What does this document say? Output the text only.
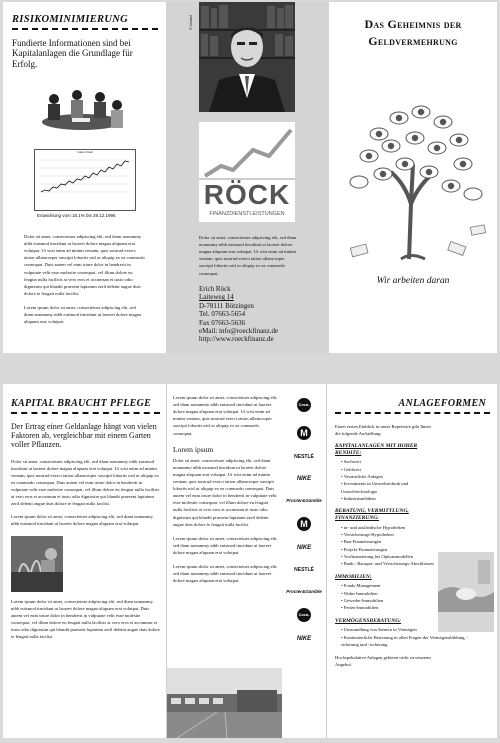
RISIKOMINIMIERUNG

Fundierte Informationen sind bei Kapitalanlagen die Grundlage für Erfolg.

Index Chart
Entwicklung vom 15.1% bis 28.12.1996

Dolor sit amet, consectetuer adipiscing elit, sed diam nonummy nibh euismod tincidunt ut laoreet dolore magna aliquam erat volutpat. Ut wisi enim ad minim veniam, quis nostrud exerci tation ullamcorper suscipit lobortis nisl ut aliquip ex ea commodo consequat. Duis autem vel eum iriure dolor in hendrerit in vulputate velit esse molestie consequat, vel illum dolore eu feugiat nulla facilisis at vero eros et accumsan et iusto odio dignissim qui blandit praesent luptatum zzril delenit augue duis dolore te feugait nulla facilisi.

Lorem ipsum dolor sit amet, consectetuer adipiscing elit, sed diam nonummy nibh euismod tincidunt ut laoreet dolore magna aliquam erat volutpat.

© ressel
RÖCK
FINANZDIENSTLEISTUNGEN

Dolor sit amet, consectetuer adipiscing elit, sed diam nonummy nibh euismod tincidunt ut laoreet dolore magna aliquam erat volutpat. Ut wisi enim ad minim veniam, quis nostrud exerci tation ullamcorper suscipit lobortis nisl ut aliquip ex ea commodo consequat.

Erich Röck
Laiteweg 14
D-78111 Bötzingen
Tel. 07663-5654
Fax 07663-5636
eMail: info@roeckfinanz.de
http://www.roeckfinanz.de
Das Geheimnis der
Geldvermehrung
Wir arbeiten daran
KAPITAL BRAUCHT PFLEGE

Der Ertrag einer Geldanlage hängt von vielen Faktoren ab, vergleichbar mit einem Garten voller Pflanzen.

Dolor sit amet, consectetuer adipiscing elit, sed diam nonummy nibh euismod tincidunt ut laoreet dolore magna aliquam erat volutpat. Ut wisi enim ad minim veniam, quis nostrud exerci tation ullamcorper suscipit lobortis nisl ut aliquip ex ea commodo consequat. Duis autem vel eum iriure dolor in hendrerit in vulputate velit esse molestie consequat, vel illum dolore eu feugiat nulla facilisis at vero eros et accumsan et iusto odio dignissim qui blandit praesent luptatum zzril delenit augue duis dolore te feugait nulla facilisi.

Lorem ipsum dolor sit amet, consectetuer adipiscing elit, sed diam nonummy nibh euismod tincidunt ut laoreet dolore magna aliquam erat volutpat.

Lorem ipsum dolor sit amet, consectetuer adipiscing elit, sed diam nonummy nibh euismod tincidunt ut laoreet dolore magna aliquam erat volutpat. Duis autem vel eum iriure dolor in hendrerit in vulputate velit esse molestie consequat, vel illum dolore eu feugiat nulla facilisis at vero eros et accumsan et iusto odio dignissim qui blandit praesent luptatum zzril delenit augue duis dolore te feugait nulla facilisi.

Lorem ipsum dolor sit amet, consectetuer adipiscing elit, sed diam nonummy nibh euismod tincidunt ut laoreet dolore magna aliquam erat volutpat. Ut wisi enim ad minim veniam, quis nostrud exerci tation ullamcorper suscipit lobortis nisl ut aliquip ex ea commodo consequat.

Lorem ipsum

Dolor sit amet, consectetuer adipiscing elit, sed diam nonummy nibh euismod tincidunt ut laoreet dolore magna aliquam erat volutpat. Ut wisi enim ad minim veniam, quis nostrud exerci tation ullamcorper suscipit lobortis nisl ut aliquip ex ea commodo consequat. Duis autem vel eum iriure dolor in hendrerit in vulputate velit esse molestie consequat, vel illum dolore eu feugiat nulla facilisis at vero eros et accumsan et iusto odio dignissim qui blandit praesent luptatum zzril delenit augue duis dolore te feugait nulla facilisi.

Lorem ipsum dolor sit amet, consectetuer adipiscing elit, sed diam nonummy nibh euismod tincidunt ut laoreet dolore magna aliquam erat volutpat.

Lorem ipsum dolor sit amet, consectetuer adipiscing elit, sed diam nonummy nibh euismod tincidunt ut laoreet dolore magna aliquam erat volutpat.

Coca-Cola
M
NESTLÉ
NIKE
Procter&Gamble
M
NIKE
NESTLÉ
Procter&Gamble
Coca-Cola
NIKE
ANLAGEFORMEN

Einen ersten Einblick in unser Repertoire gibt Ihnen die folgende Aufstellung:

KAPITALANLAGEN MIT HOHER RENDITE:
• Sachwert
• Geldwert
• Verzinsliche Anlagen
• Investments in Umwelttechnik und Umwelttechnologie
• Industrieanleihen
BERATUNG, VERMITTLUNG, FINANZIERUNG:
• in- und ausländische Hypotheken
• Versicherungs-Hypotheken
• Bau-Finanzierungen
• Projekt-Finanzierungen
• Vorfinanzierung bei Optionsmodellen
• Bank-, Bauspar- und Versicherungs-Abschlüssen
IMMOBILIEN:
• Fonds-Management
• Wohn-Immobilien
• Gewerbe-Immobilien
• Ferien-Immobilien
VERMÖGENSBERATUNG:
• Umwandlung von Steuern in Vermögen
• Kontinuierliche Betreuung in allen Fragen der Vermögensbildung, -sicherung und -sicherung

Hochspekulative Anlagen gehören nicht zu unserem Angebot.
